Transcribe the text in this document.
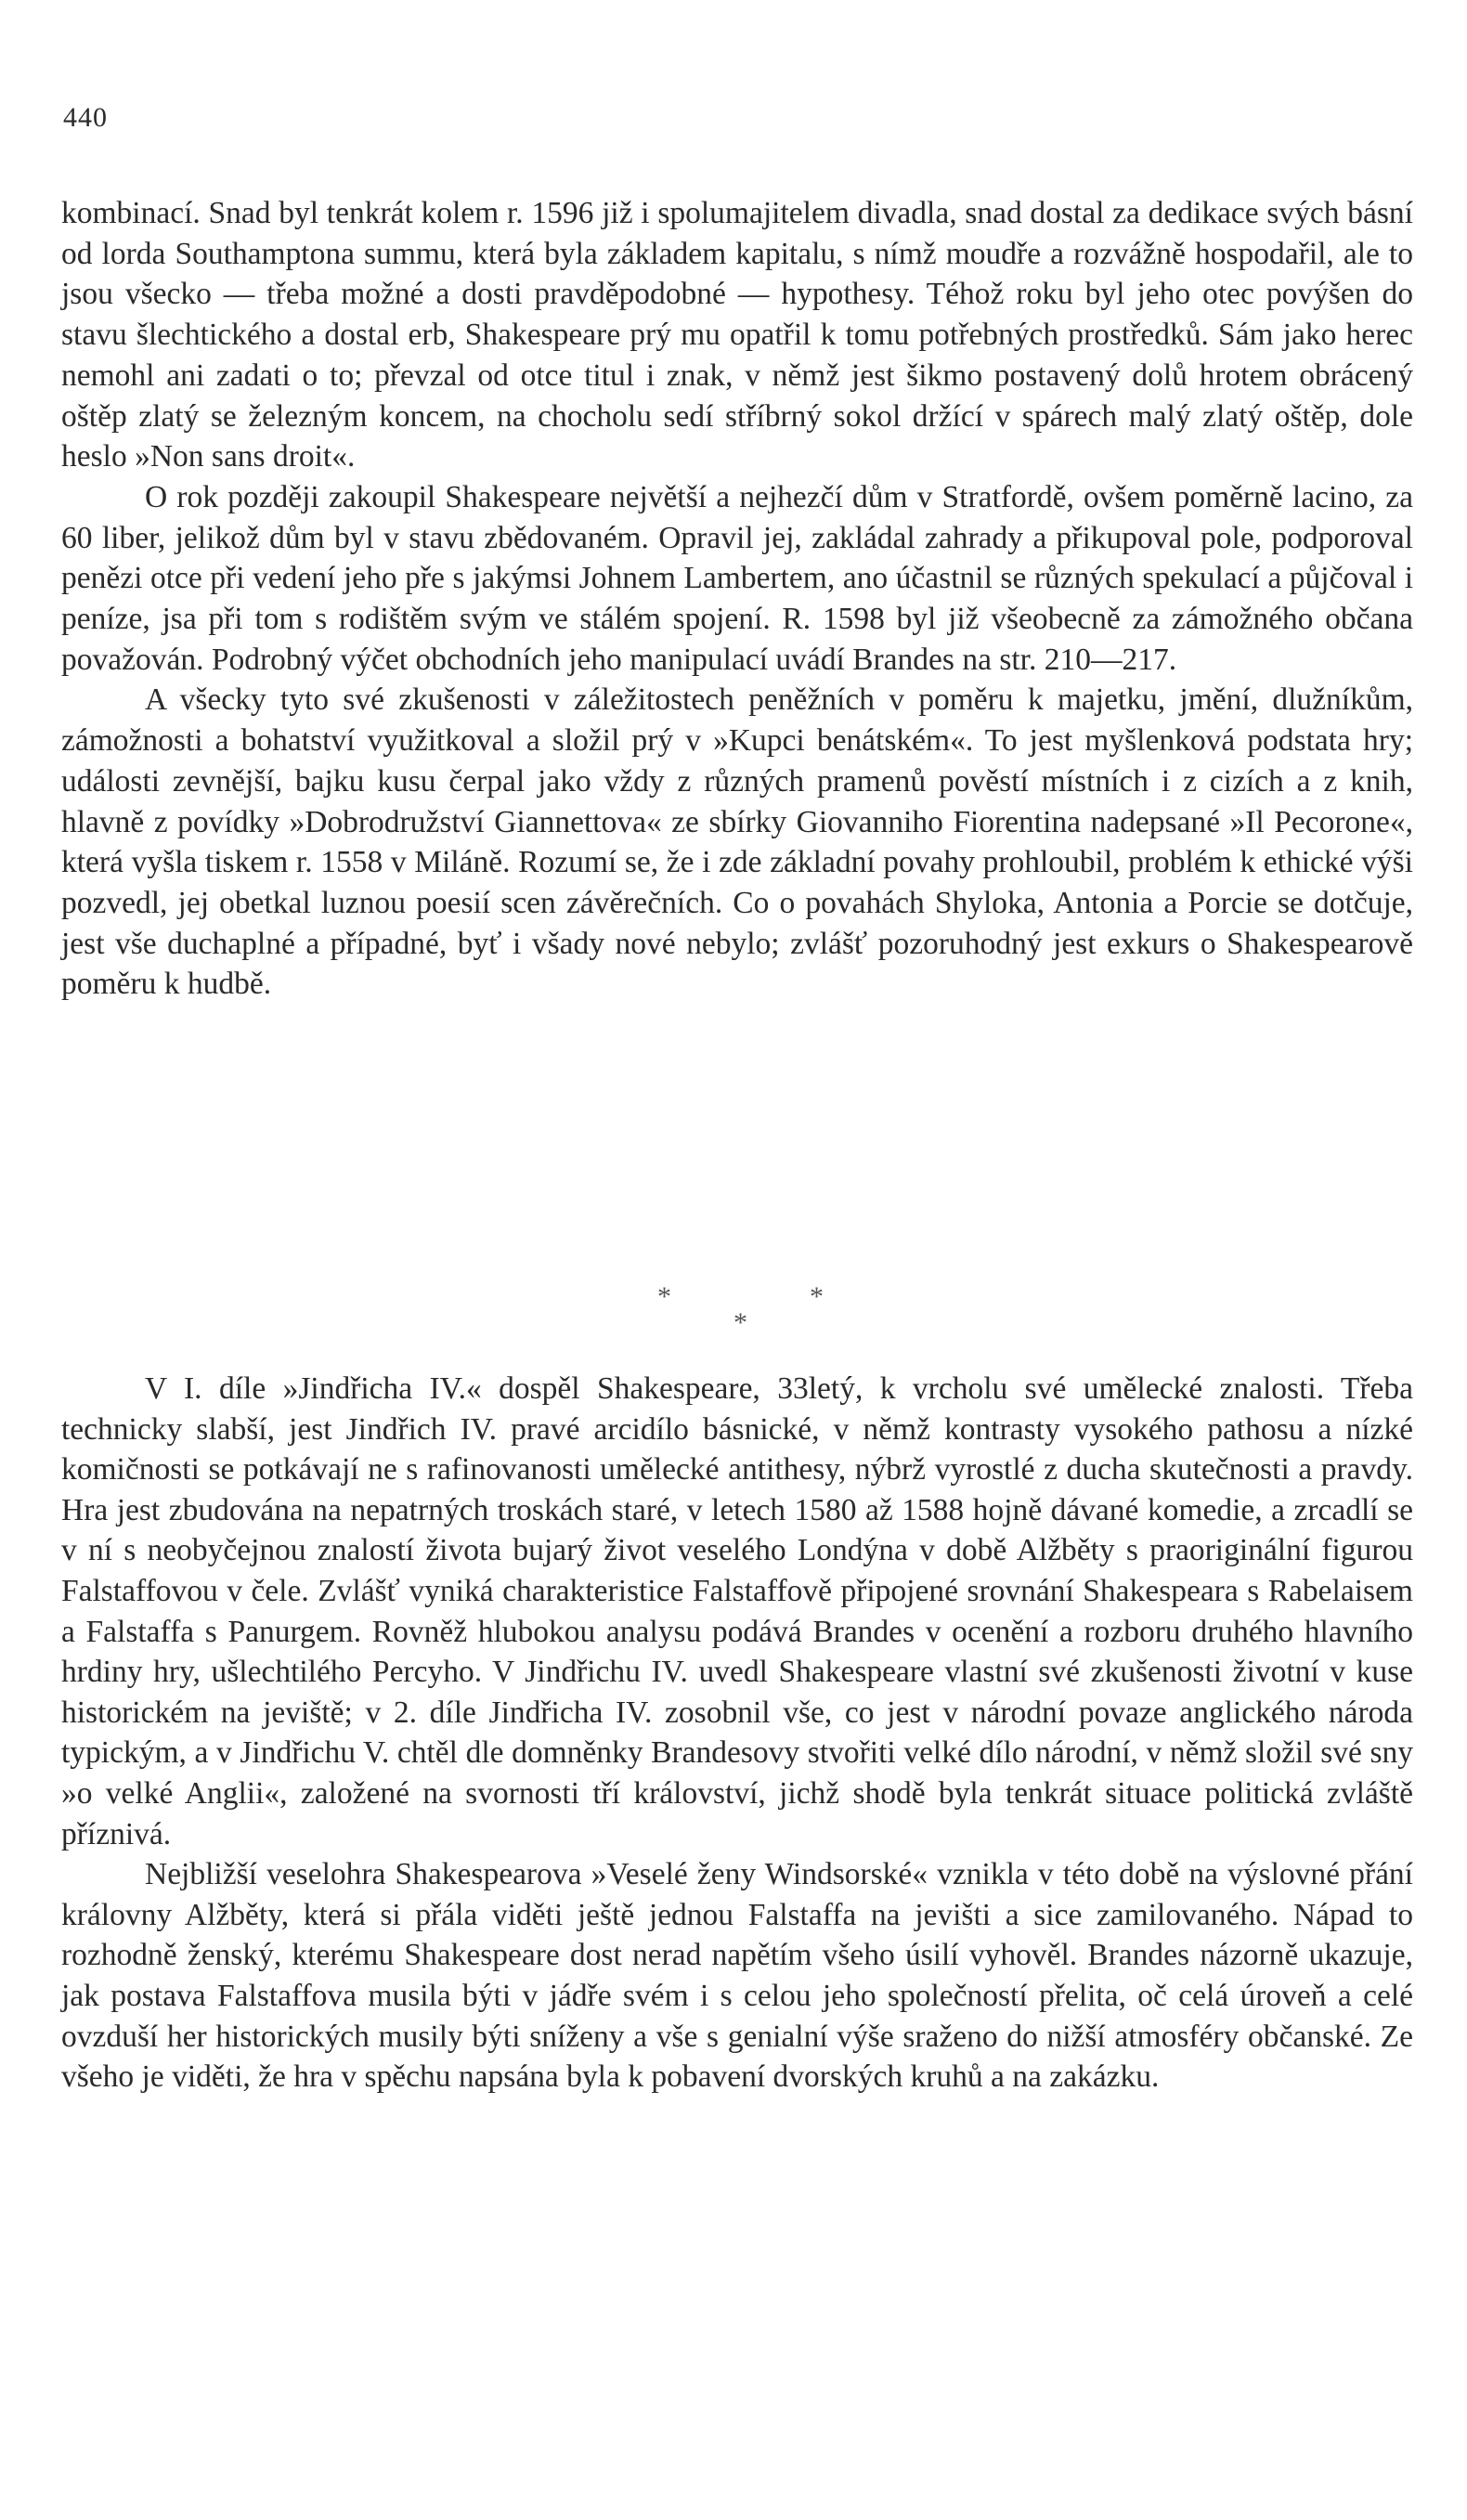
440

kombinací. Snad byl tenkrát kolem r. 1596 již i spolumajitelem divadla, snad dostal za dedikace svých básní od lorda Southamptona summu, která byla základem kapitalu, s nímž moudře a rozvážně hospodařil, ale to jsou všecko — třeba možné a dosti pravděpodobné — hypothesy. Téhož roku byl jeho otec povýšen do stavu šlechtického a dostal erb, Shakespeare prý mu opatřil k tomu potřebných prostředků. Sám jako herec nemohl ani zadati o to; převzal od otce titul i znak, v němž jest šikmo postavený dolů hrotem obrácený oštěp zlatý se železným koncem, na chocholu sedí stříbrný sokol držící v spárech malý zlatý oštěp, dole heslo »Non sans droit«.

O rok později zakoupil Shakespeare největší a nejhezčí dům v Stratfordě, ovšem poměrně lacino, za 60 liber, jelikož dům byl v stavu zbědovaném. Opravil jej, zakládal zahrady a přikupoval pole, podporoval penězi otce při vedení jeho pře s jakýmsi Johnem Lambertem, ano účastnil se různých spekulací a půjčoval i peníze, jsa při tom s rodištěm svým ve stálém spojení. R. 1598 byl již všeobecně za zámožného občana považován. Podrobný výčet obchodních jeho manipulací uvádí Brandes na str. 210—217.

A všecky tyto své zkušenosti v záležitostech peněžních v poměru k majetku, jmění, dlužníkům, zámožnosti a bohatství využitkoval a složil prý v »Kupci benátském«. To jest myšlenková podstata hry; události zevnější, bajku kusu čerpal jako vždy z různých pramenů pověstí místních i z cizích a z knih, hlavně z povídky »Dobrodružství Giannettova« ze sbírky Giovanniho Fiorentina nadepsané »Il Pecorone«, která vyšla tiskem r. 1558 v Miláně. Rozumí se, že i zde základní povahy prohloubil, problém k ethické výši pozvedl, jej obetkal luznou poesií scen závěrečních. Co o povahách Shyloka, Antonia a Porcie se dotčuje, jest vše duchaplné a případné, byť i všady nové nebylo; zvlášť pozoruhodný jest exkurs o Shakespearově poměru k hudbě.

*	*
*

V I. díle »Jindřicha IV.« dospěl Shakespeare, 33letý, k vrcholu své umělecké znalosti. Třeba technicky slabší, jest Jindřich IV. pravé arcidílo básnické, v němž kontrasty vysokého pathosu a nízké komičnosti se potkávají ne s rafinovanosti umělecké antithesy, nýbrž vyrostlé z ducha skutečnosti a pravdy. Hra jest zbudována na nepatrných troskách staré, v letech 1580 až 1588 hojně dávané komedie, a zrcadlí se v ní s neobyčejnou znalostí života bujarý život veselého Londýna v době Alžběty s praoriginální figurou Falstaffovou v čele. Zvlášť vyniká charakteristice Falstaffově připojené srovnání Shakespeara s Rabelaisem a Falstaffa s Panurgem. Rovněž hlubokou analysu podává Brandes v ocenění a rozboru druhého hlavního hrdiny hry, ušlechtilého Percyho. V Jindřichu IV. uvedl Shakespeare vlastní své zkušenosti životní v kuse historickém na jeviště; v 2. díle Jindřicha IV. zosobnil vše, co jest v národní povaze anglického národa typickým, a v Jindřichu V. chtěl dle domněnky Brandesovy stvořiti velké dílo národní, v němž složil své sny »o velké Anglii«, založené na svornosti tří království, jichž shodě byla tenkrát situace politická zvláště příznivá.

Nejbližší veselohra Shakespearova »Veselé ženy Windsorské« vznikla v této době na výslovné přání královny Alžběty, která si přála viděti ještě jednou Falstaffa na jevišti a sice zamilovaného. Nápad to rozhodně ženský, kterému Shakespeare dost nerad napětím všeho úsilí vyhověl. Brandes názorně ukazuje, jak postava Falstaffova musila býti v jádře svém i s celou jeho společností přelita, oč celá úroveň a celé ovzduší her historických musily býti sníženy a vše s genialní výše sraženo do nižší atmosféry občanské. Ze všeho je viděti, že hra v spěchu napsána byla k pobavení dvorských kruhů a na zakázku.
